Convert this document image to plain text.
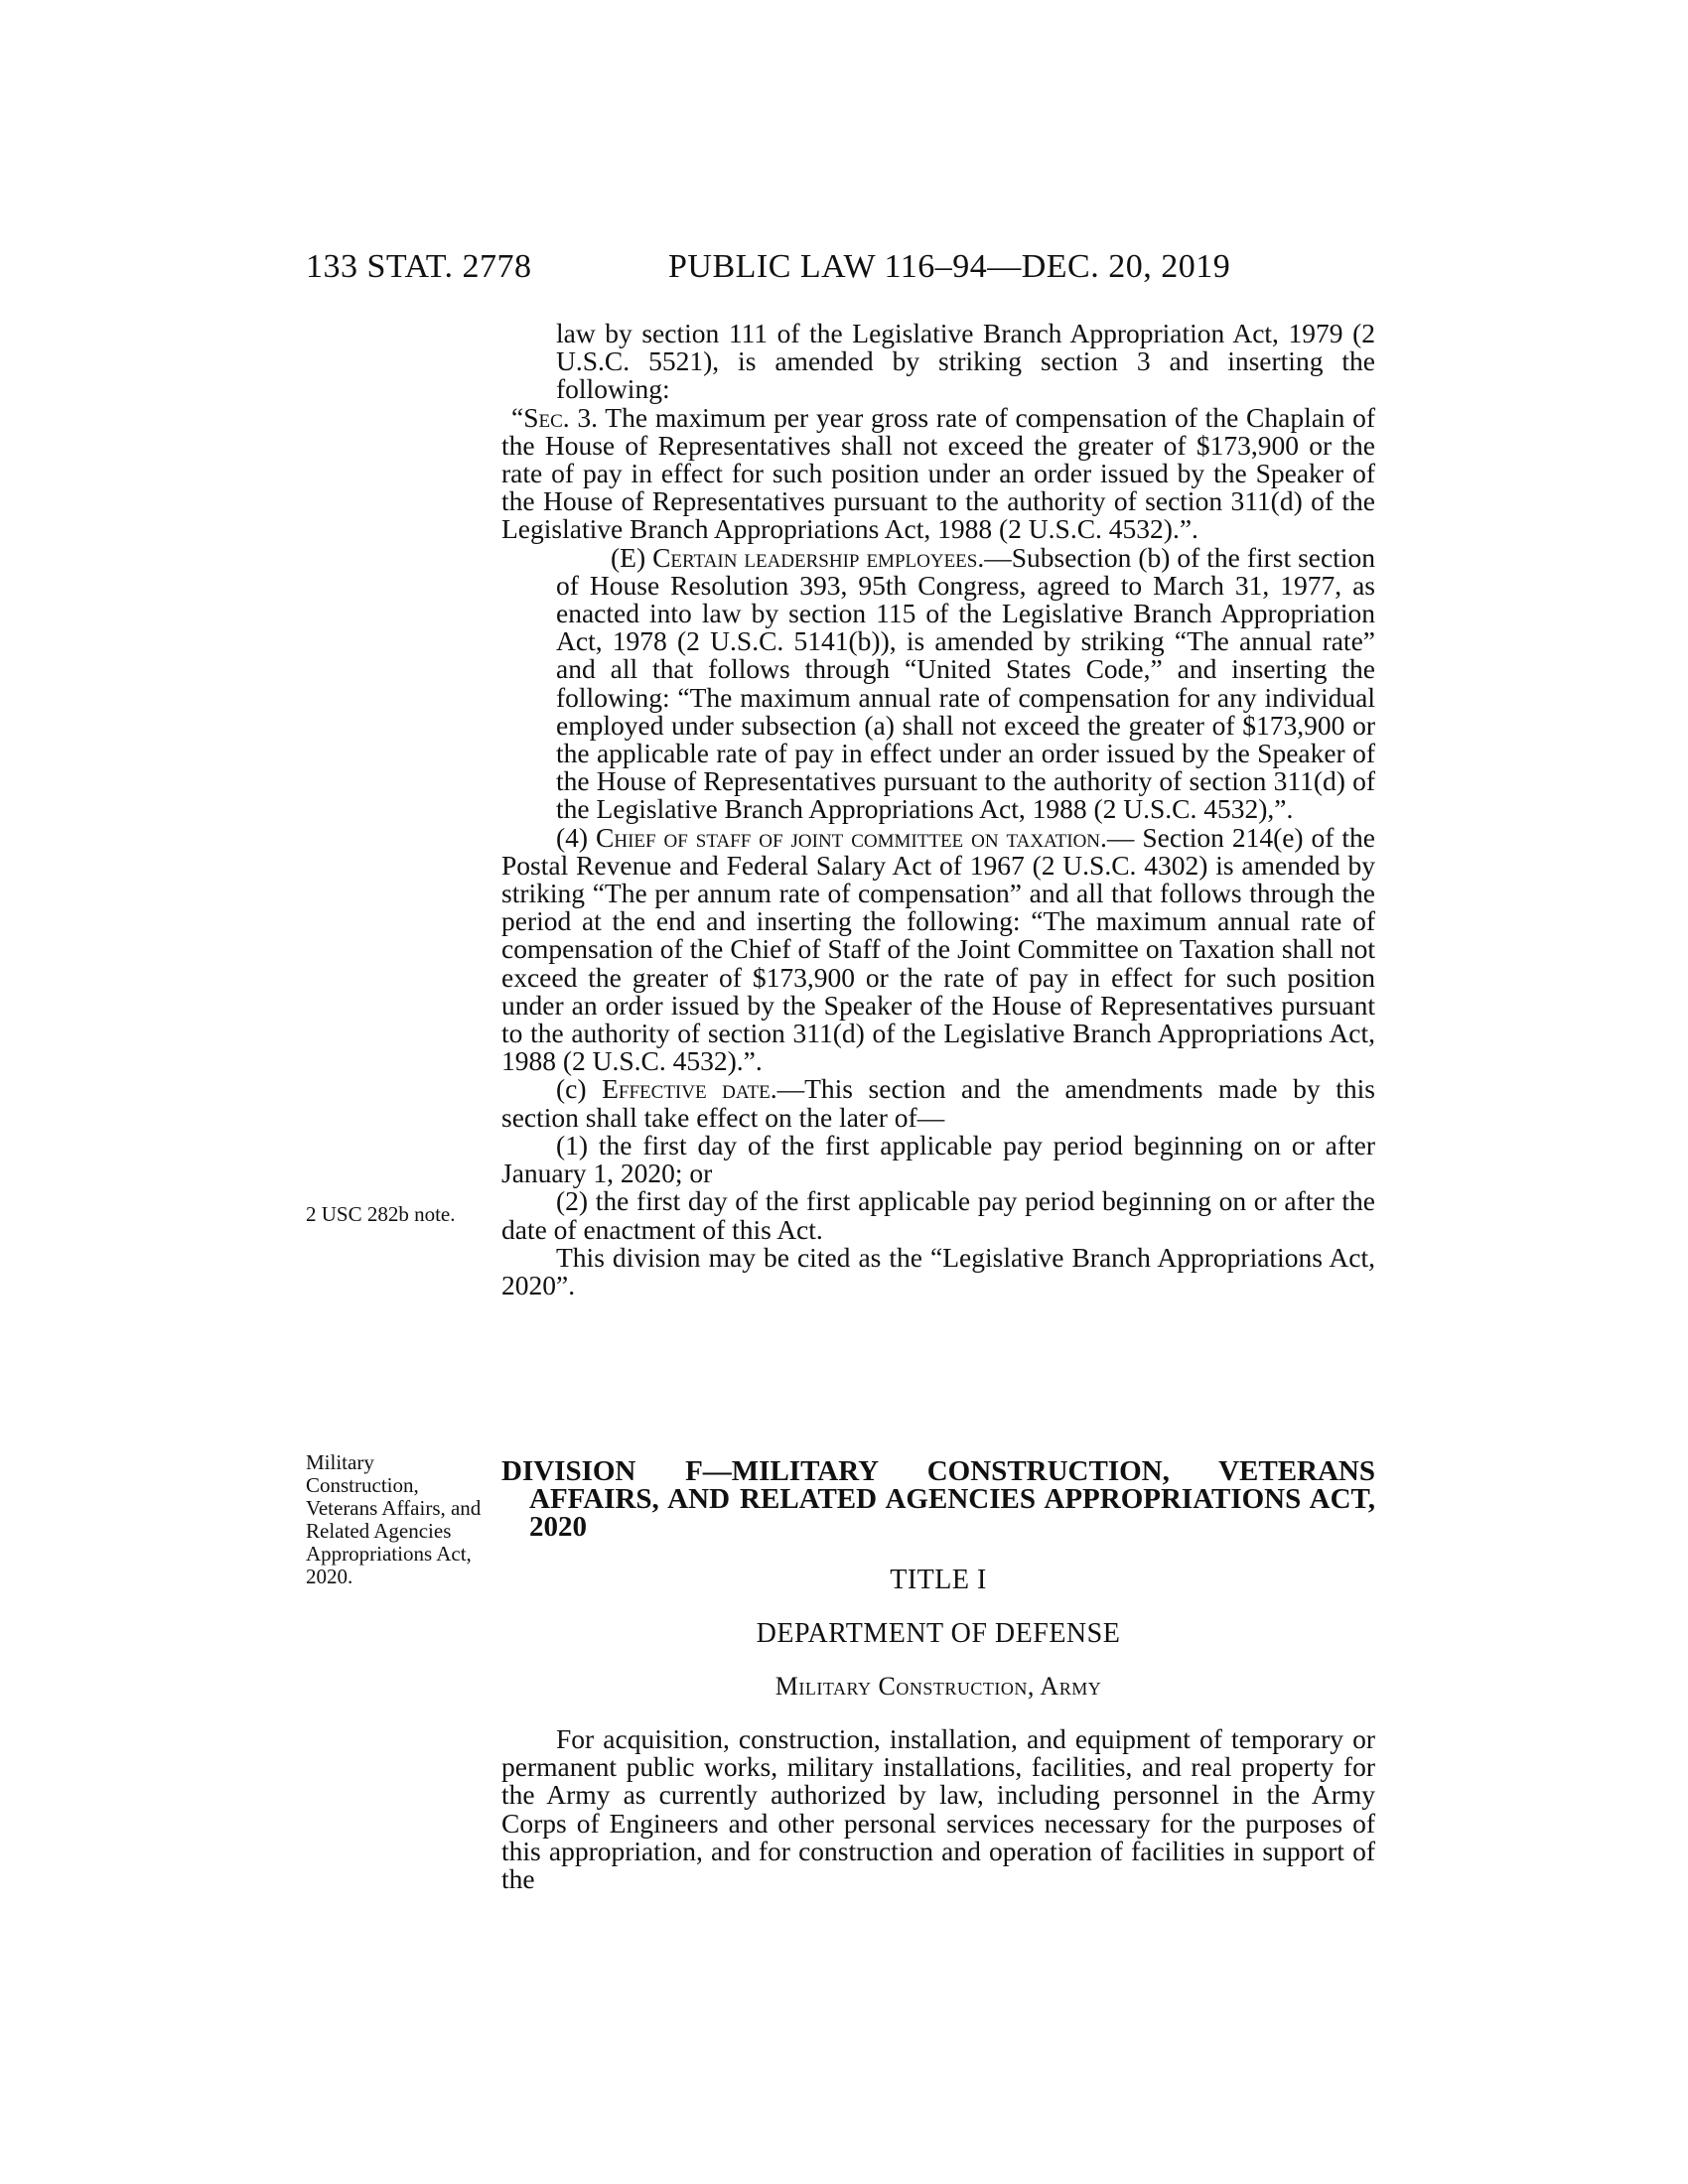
133 STAT. 2778	PUBLIC LAW 116–94—DEC. 20, 2019

law by section 111 of the Legislative Branch Appropriation Act, 1979 (2 U.S.C. 5521), is amended by striking section 3 and inserting the following:

“Sec. 3. The maximum per year gross rate of compensation of the Chaplain of the House of Representatives shall not exceed the greater of $173,900 or the rate of pay in effect for such position under an order issued by the Speaker of the House of Representatives pursuant to the authority of section 311(d) of the Legislative Branch Appropriations Act, 1988 (2 U.S.C. 4532).”.

(E) Certain leadership employees.—Subsection (b) of the first section of House Resolution 393, 95th Congress, agreed to March 31, 1977, as enacted into law by section 115 of the Legislative Branch Appropriation Act, 1978 (2 U.S.C. 5141(b)), is amended by striking “The annual rate” and all that follows through “United States Code,” and inserting the following: “The maximum annual rate of compensation for any individual employed under subsection (a) shall not exceed the greater of $173,900 or the applicable rate of pay in effect under an order issued by the Speaker of the House of Representatives pursuant to the authority of section 311(d) of the Legislative Branch Appropriations Act, 1988 (2 U.S.C. 4532),”.

(4) Chief of staff of joint committee on taxation.— Section 214(e) of the Postal Revenue and Federal Salary Act of 1967 (2 U.S.C. 4302) is amended by striking “The per annum rate of compensation” and all that follows through the period at the end and inserting the following: “The maximum annual rate of compensation of the Chief of Staff of the Joint Committee on Taxation shall not exceed the greater of $173,900 or the rate of pay in effect for such position under an order issued by the Speaker of the House of Representatives pursuant to the authority of section 311(d) of the Legislative Branch Appropriations Act, 1988 (2 U.S.C. 4532).”.

(c) Effective date.—This section and the amendments made by this section shall take effect on the later of—

(1) the first day of the first applicable pay period beginning on or after January 1, 2020; or

(2) the first day of the first applicable pay period beginning on or after the date of enactment of this Act.

This division may be cited as the “Legislative Branch Appropriations Act, 2020”.

2 USC 282b note.
Military Construction, Veterans Affairs, and Related Agencies Appropriations Act, 2020.
DIVISION F—MILITARY CONSTRUCTION, VETERANS AFFAIRS, AND RELATED AGENCIES APPROPRIATIONS ACT, 2020
TITLE I
DEPARTMENT OF DEFENSE
Military Construction, Army

For acquisition, construction, installation, and equipment of temporary or permanent public works, military installations, facilities, and real property for the Army as currently authorized by law, including personnel in the Army Corps of Engineers and other personal services necessary for the purposes of this appropriation, and for construction and operation of facilities in support of the
